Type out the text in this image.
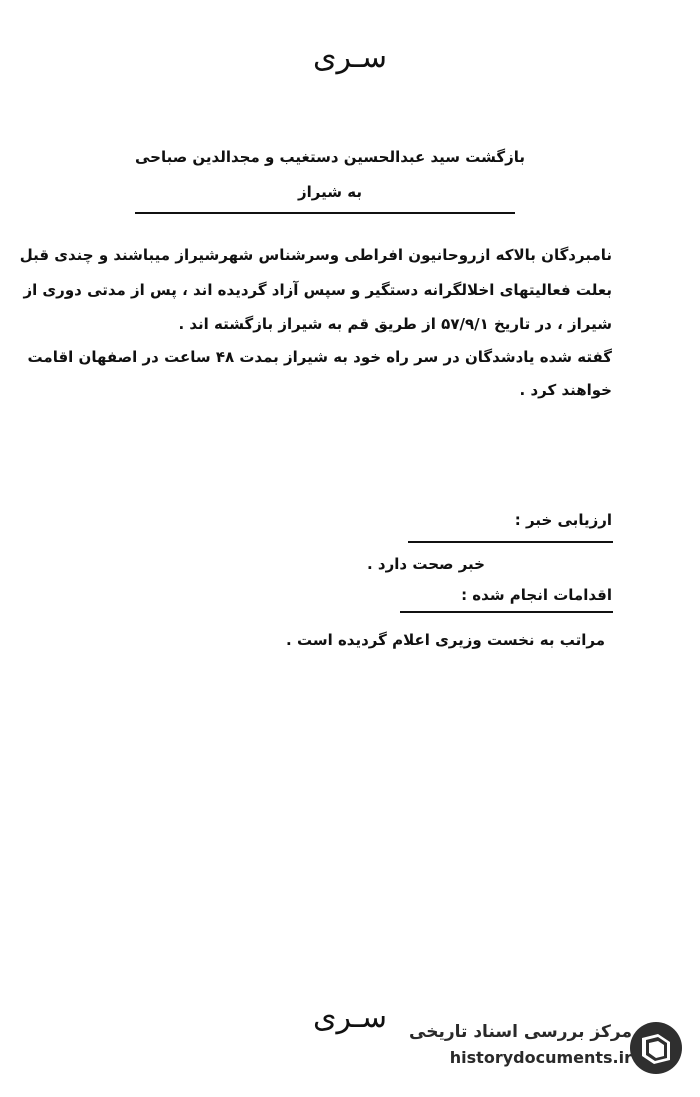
سـری
بازگشت سید عبدالحسین دستغیب و مجدالدین صباحی
به شیراز
نامبردگان بالاکه ازروحانیون افراطی وسرشناس شهرشیراز میباشند و چندی قبل
بعلت فعالیتهای اخلالگرانه دستگیر و سپس آزاد گردیده اند ، پس از مدتی دوری از
شیراز ، در تاریخ ۵۷/۹/۱ از طریق قم به شیراز بازگشته اند .
گفته شده یادشدگان در سر راه خود به شیراز بمدت ۴۸ ساعت در اصفهان اقامت
خواهند کرد .
ارزیابی خبر :
خبر صحت دارد .
اقدامات انجام شده :
مراتب به نخست وزیری اعلام گردیده است .
سـری	مرکز بررسی اسناد تاریخی
historydocuments.ir
